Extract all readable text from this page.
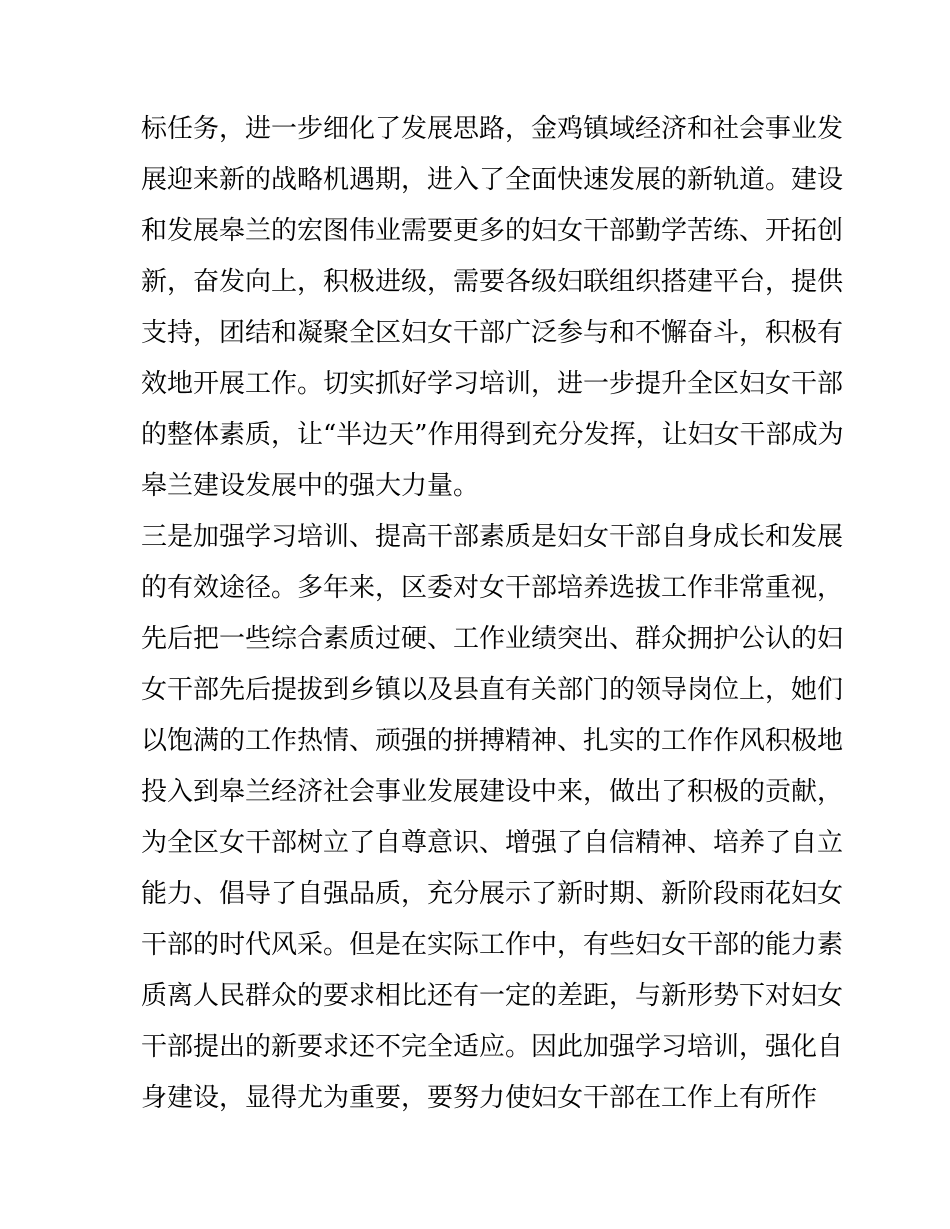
标任务，进一步细化了发展思路，金鸡镇域经济和社会事业发
展迎来新的战略机遇期，进入了全面快速发展的新轨道。建设
和发展皋兰的宏图伟业需要更多的妇女干部勤学苦练、开拓创
新，奋发向上，积极进级，需要各级妇联组织搭建平台，提供
支持，团结和凝聚全区妇女干部广泛参与和不懈奋斗，积极有
效地开展工作。切实抓好学习培训，进一步提升全区妇女干部
的整体素质，让“半边天”作用得到充分发挥，让妇女干部成为
皋兰建设发展中的强大力量。
三是加强学习培训、提高干部素质是妇女干部自身成长和发展
的有效途径。多年来，区委对女干部培养选拔工作非常重视，
先后把一些综合素质过硬、工作业绩突出、群众拥护公认的妇
女干部先后提拔到乡镇以及县直有关部门的领导岗位上，她们
以饱满的工作热情、顽强的拼搏精神、扎实的工作作风积极地
投入到皋兰经济社会事业发展建设中来，做出了积极的贡献，
为全区女干部树立了自尊意识、增强了自信精神、培养了自立
能力、倡导了自强品质，充分展示了新时期、新阶段雨花妇女
干部的时代风采。但是在实际工作中，有些妇女干部的能力素
质离人民群众的要求相比还有一定的差距，与新形势下对妇女
干部提出的新要求还不完全适应。因此加强学习培训，强化自
身建设，显得尤为重要，要努力使妇女干部在工作上有所作
